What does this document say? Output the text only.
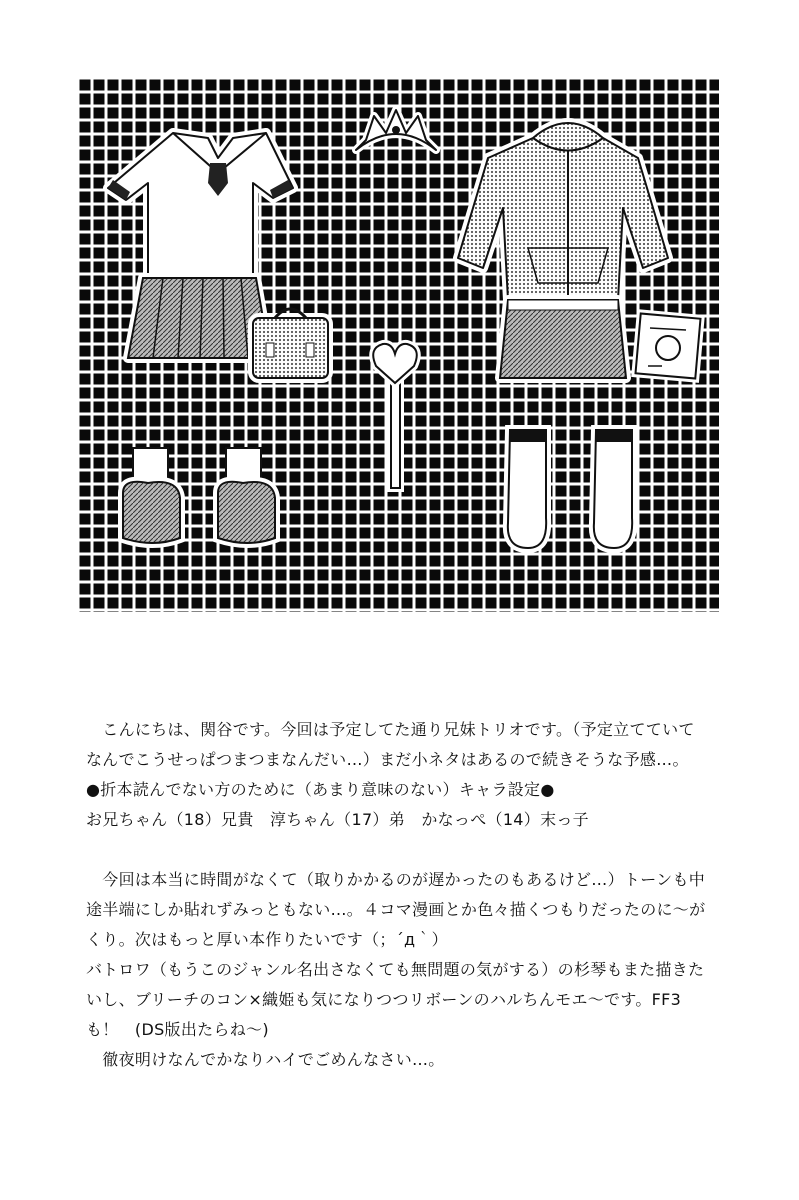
　こんにちは、関谷です。今回は予定してた通り兄妹トリオです。（予定立てていて
なんでこうせっぱつまつまなんだい…）まだ小ネタはあるので続きそうな予感…。
●折本読んでない方のために（あまり意味のない）キャラ設定●
お兄ちゃん（18）兄貴　淳ちゃん（17）弟　かなっぺ（14）末っ子
　今回は本当に時間がなくて（取りかかるのが遅かったのもあるけど…）トーンも中
途半端にしか貼れずみっともない…。４コマ漫画とか色々描くつもりだったのに～が
くり。次はもっと厚い本作りたいです（；´д｀）
バトロワ（もうこのジャンル名出さなくても無問題の気がする）の杉琴もまた描きた
いし、ブリーチのコン×織姫も気になりつつリボーンのハルちんモエ～です。FF3
も！　(DS版出たらね～)
　徹夜明けなんでかなりハイでごめんなさい…。
